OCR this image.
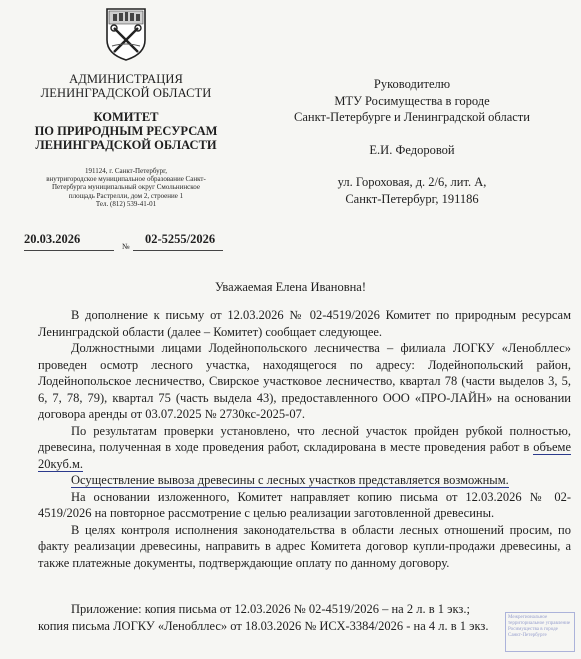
АДМИНИСТРАЦИЯ
ЛЕНИНГРАДСКОЙ ОБЛАСТИ
КОМИТЕТ
ПО ПРИРОДНЫМ РЕСУРСАМ
ЛЕНИНГРАДСКОЙ ОБЛАСТИ
191124, г. Санкт-Петербург,
внутригородское муниципальное образование Санкт-
Петербурга муниципальный округ Смольнинское
площадь Растрелли, дом 2, строение 1
Тел. (812) 539-41-01
20.03.2026	02-5255/2026
№
Руководителю
МТУ Росимущества в городе
Санкт-Петербурге и Ленинградской области
Е.И. Федоровой
ул. Гороховая, д. 2/6, лит. А,
Санкт-Петербург, 191186
Уважаемая Елена Ивановна!

В дополнение к письму от 12.03.2026 № 02-4519/2026 Комитет по природным ресурсам Ленинградской области (далее – Комитет) сообщает следующее.

Должностными лицами Лодейнопольского лесничества – филиала ЛОГКУ «Ленобллес» проведен осмотр лесного участка, находящегося по адресу: Лодейнопольский район, Лодейнопольское лесничество, Свирское участковое лесничество, квартал 78 (части выделов 3, 5, 6, 7, 78, 79), квартал 75 (часть выдела 43), предоставленного ООО «ПРО-ЛАЙН» на основании договора аренды от 03.07.2025 № 2730кс-2025-07.

По результатам проверки установлено, что лесной участок пройден рубкой полностью, древесина, полученная в ходе проведения работ, складирована в месте проведения работ в объеме 20куб.м.

Осуществление вывоза древесины с лесных участков представляется возможным.

На основании изложенного, Комитет направляет копию письма от 12.03.2026 № 02-4519/2026 на повторное рассмотрение с целью реализации заготовленной древесины.

В целях контроля исполнения законодательства в области лесных отношений просим, по факту реализации древесины, направить в адрес Комитета договор купли-продажи древесины, а также платежные документы, подтверждающие оплату по данному договору.

Приложение: копия письма от 12.03.2026 № 02-4519/2026 – на 2 л. в 1 экз.;
копия письма ЛОГКУ «Ленобллес» от 18.03.2026 № ИСХ-3384/2026 - на 4 л. в 1 экз.
Межрегиональное территориальное управление Росимущества в городе Санкт-Петербурге
